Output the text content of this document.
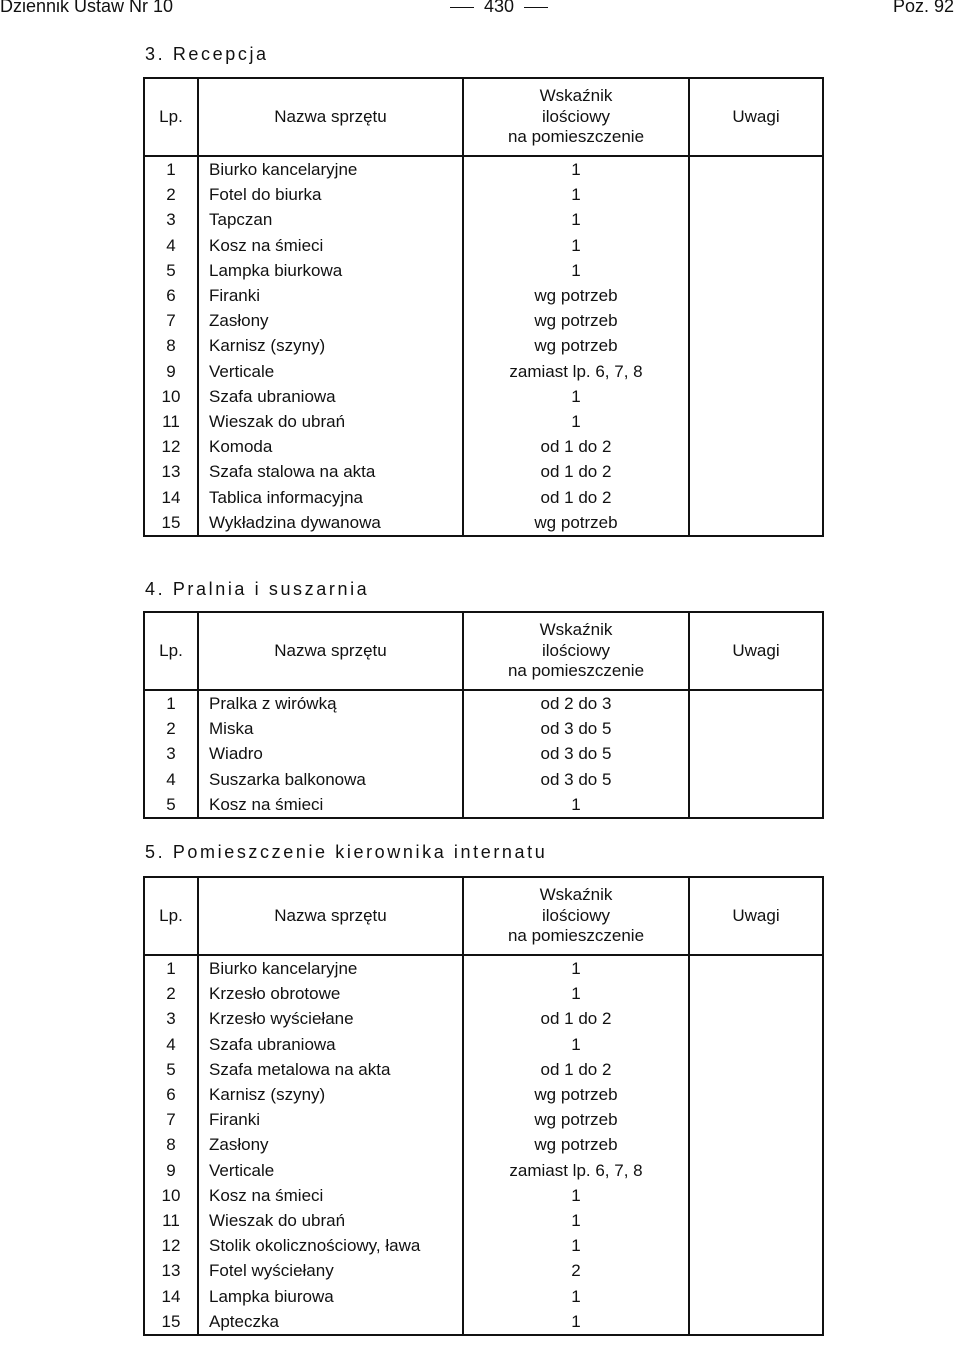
Dziennik Ustaw Nr 10	430	Poz. 92
3. Recepcja
Lp.	Nazwa sprzętu	Wskaźnik
ilościowy
na pomieszczenie	Uwagi
1	Biurko kancelaryjne	1	
2	Fotel do biurka	1	
3	Tapczan	1	
4	Kosz na śmieci	1	
5	Lampka biurkowa	1	
6	Firanki	wg potrzeb	
7	Zasłony	wg potrzeb	
8	Karnisz (szyny)	wg potrzeb	
9	Verticale	zamiast lp. 6, 7, 8	
10	Szafa ubraniowa	1	
11	Wieszak do ubrań	1	
12	Komoda	od 1 do 2	
13	Szafa stalowa na akta	od 1 do 2	
14	Tablica informacyjna	od 1 do 2	
15	Wykładzina dywanowa	wg potrzeb	
4. Pralnia i suszarnia
Lp.	Nazwa sprzętu	Wskaźnik
ilościowy
na pomieszczenie	Uwagi
1	Pralka z wirówką	od 2 do 3	
2	Miska	od 3 do 5	
3	Wiadro	od 3 do 5	
4	Suszarka balkonowa	od 3 do 5	
5	Kosz na śmieci	1	
5. Pomieszczenie kierownika internatu
Lp.	Nazwa sprzętu	Wskaźnik
ilościowy
na pomieszczenie	Uwagi
1	Biurko kancelaryjne	1	
2	Krzesło obrotowe	1	
3	Krzesło wyściełane	od 1 do 2	
4	Szafa ubraniowa	1	
5	Szafa metalowa na akta	od 1 do 2	
6	Karnisz (szyny)	wg potrzeb	
7	Firanki	wg potrzeb	
8	Zasłony	wg potrzeb	
9	Verticale	zamiast lp. 6, 7, 8	
10	Kosz na śmieci	1	
11	Wieszak do ubrań	1	
12	Stolik okolicznościowy, ława	1	
13	Fotel wyściełany	2	
14	Lampka biurowa	1	
15	Apteczka	1	
